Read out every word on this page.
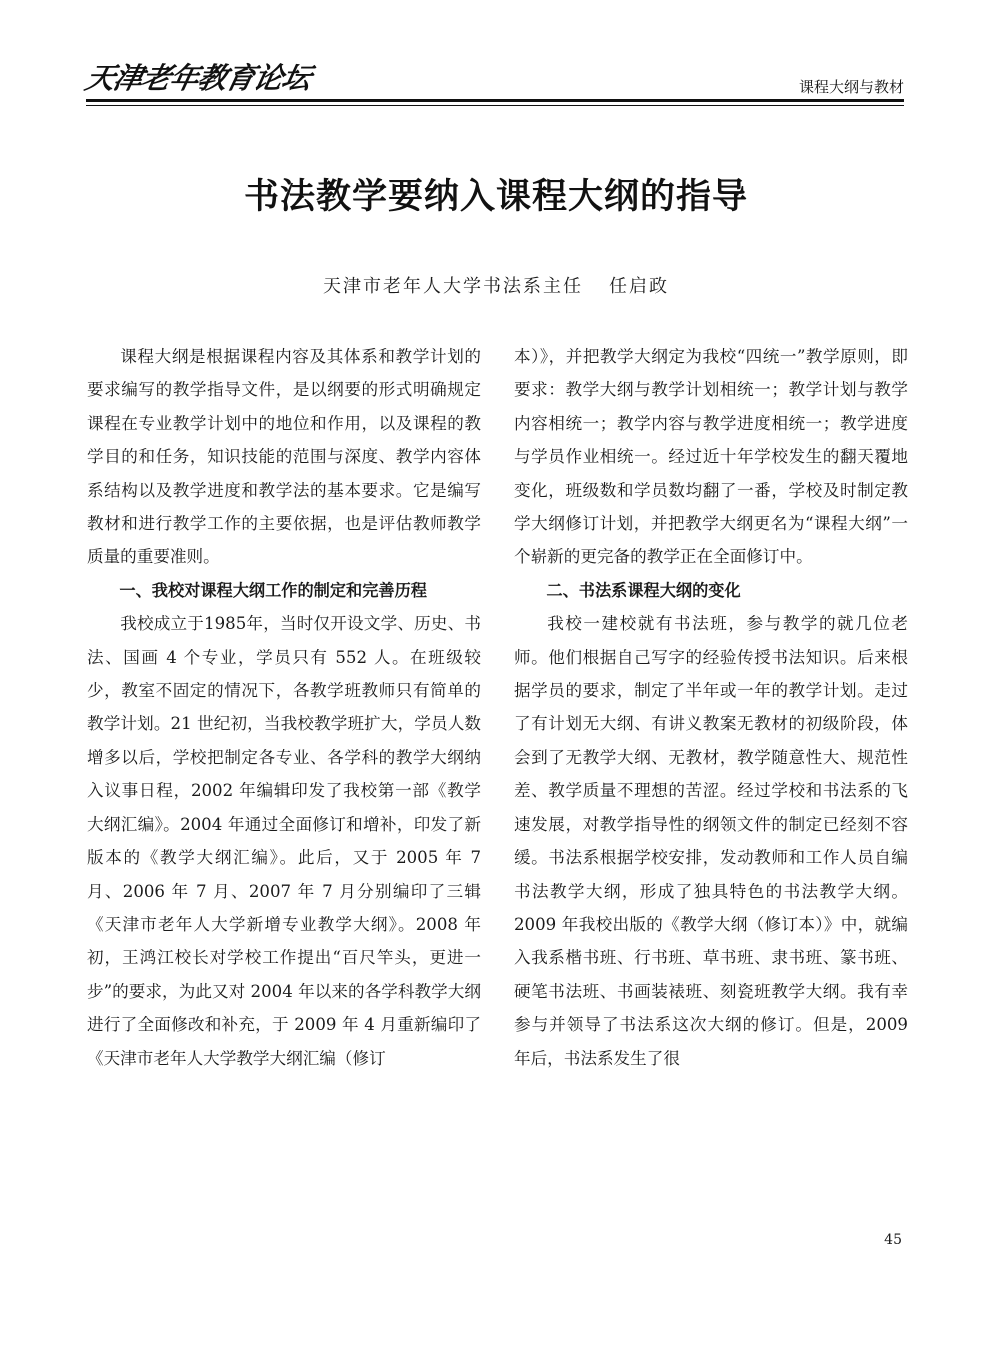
天津老年教育论坛	课程大纲与教材
书法教学要纳入课程大纲的指导
天津市老年人大学书法系主任 任启政

课程大纲是根据课程内容及其体系和教学计划的要求编写的教学指导文件，是以纲要的形式明确规定课程在专业教学计划中的地位和作用，以及课程的教学目的和任务，知识技能的范围与深度、教学内容体系结构以及教学进度和教学法的基本要求。它是编写教材和进行教学工作的主要依据，也是评估教师教学质量的重要准则。

一、我校对课程大纲工作的制定和完善历程

我校成立于1985年，当时仅开设文学、历史、书法、国画 4 个专业，学员只有 552 人。在班级较少，教室不固定的情况下，各教学班教师只有简单的教学计划。21 世纪初，当我校教学班扩大，学员人数增多以后，学校把制定各专业、各学科的教学大纲纳入议事日程，2002 年编辑印发了我校第一部《教学大纲汇编》。2004 年通过全面修订和增补，印发了新版本的《教学大纲汇编》。此后，又于 2005 年 7 月、2006 年 7 月、2007 年 7 月分别编印了三辑《天津市老年人大学新增专业教学大纲》。2008 年初，王鸿江校长对学校工作提出“百尺竿头，更进一步”的要求，为此又对 2004 年以来的各学科教学大纲进行了全面修改和补充，于 2009 年 4 月重新编印了《天津市老年人大学教学大纲汇编（修订

本）》，并把教学大纲定为我校“四统一”教学原则，即要求：教学大纲与教学计划相统一；教学计划与教学内容相统一；教学内容与教学进度相统一；教学进度与学员作业相统一。经过近十年学校发生的翻天覆地变化，班级数和学员数均翻了一番，学校及时制定教学大纲修订计划，并把教学大纲更名为“课程大纲”一个崭新的更完备的教学正在全面修订中。

二、书法系课程大纲的变化

我校一建校就有书法班，参与教学的就几位老师。他们根据自己写字的经验传授书法知识。后来根据学员的要求，制定了半年或一年的教学计划。走过了有计划无大纲、有讲义教案无教材的初级阶段，体会到了无教学大纲、无教材，教学随意性大、规范性差、教学质量不理想的苦涩。经过学校和书法系的飞速发展，对教学指导性的纲领文件的制定已经刻不容缓。书法系根据学校安排，发动教师和工作人员自编书法教学大纲，形成了独具特色的书法教学大纲。2009 年我校出版的《教学大纲（修订本）》中，就编入我系楷书班、行书班、草书班、隶书班、篆书班、硬笔书法班、书画装裱班、刻瓷班教学大纲。我有幸参与并领导了书法系这次大纲的修订。但是，2009 年后，书法系发生了很

45
